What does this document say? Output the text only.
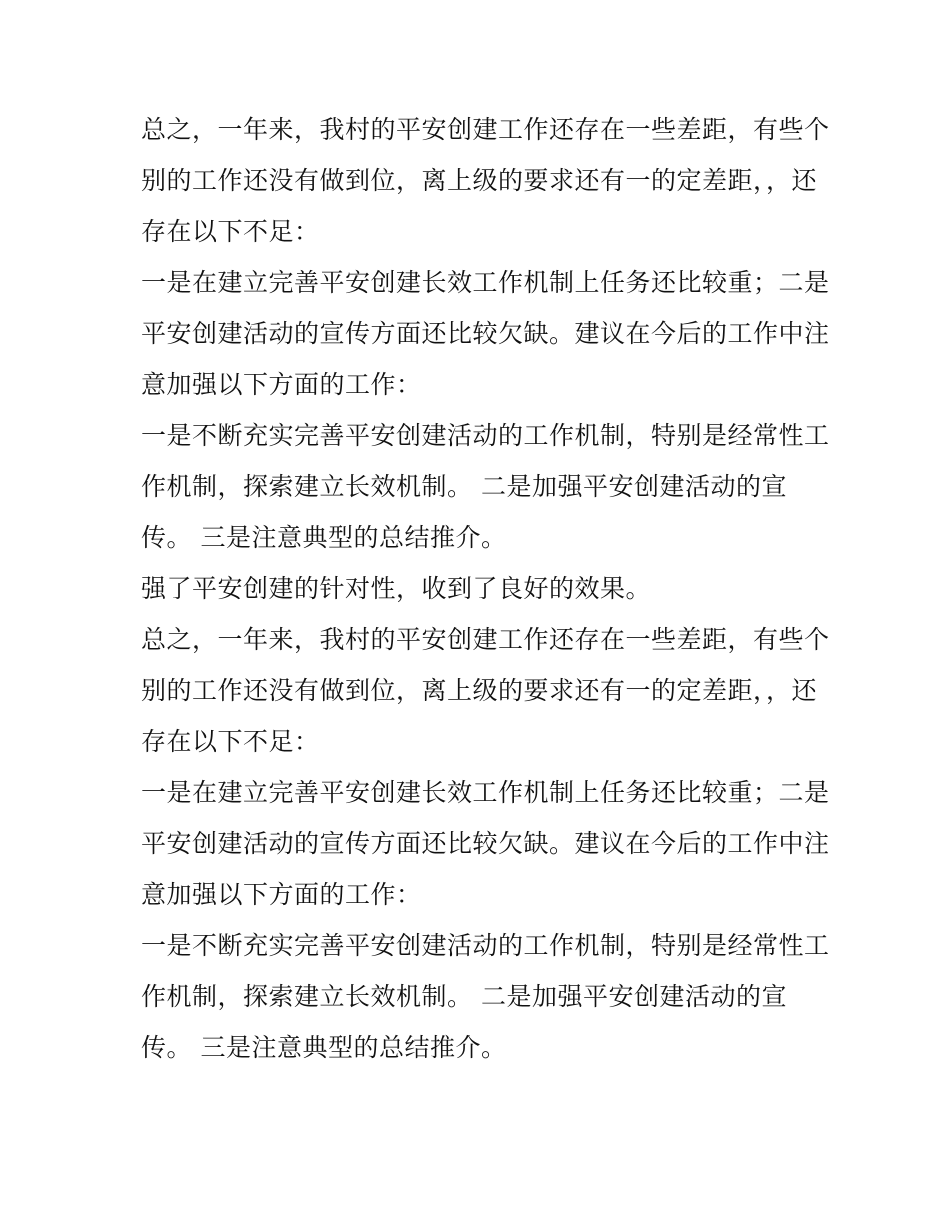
总之，一年来，我村的平安创建工作还存在一些差距，有些个
别的工作还没有做到位，离上级的要求还有一的定差距，，还
存在以下不足：
一是在建立完善平安创建长效工作机制上任务还比较重；二是
平安创建活动的宣传方面还比较欠缺。建议在今后的工作中注
意加强以下方面的工作：
一是不断充实完善平安创建活动的工作机制，特别是经常性工
作机制，探索建立长效机制。 二是加强平安创建活动的宣
传。 三是注意典型的总结推介。
强了平安创建的针对性，收到了良好的效果。
总之，一年来，我村的平安创建工作还存在一些差距，有些个
别的工作还没有做到位，离上级的要求还有一的定差距，，还
存在以下不足：
一是在建立完善平安创建长效工作机制上任务还比较重；二是
平安创建活动的宣传方面还比较欠缺。建议在今后的工作中注
意加强以下方面的工作：
一是不断充实完善平安创建活动的工作机制，特别是经常性工
作机制，探索建立长效机制。 二是加强平安创建活动的宣
传。 三是注意典型的总结推介。
